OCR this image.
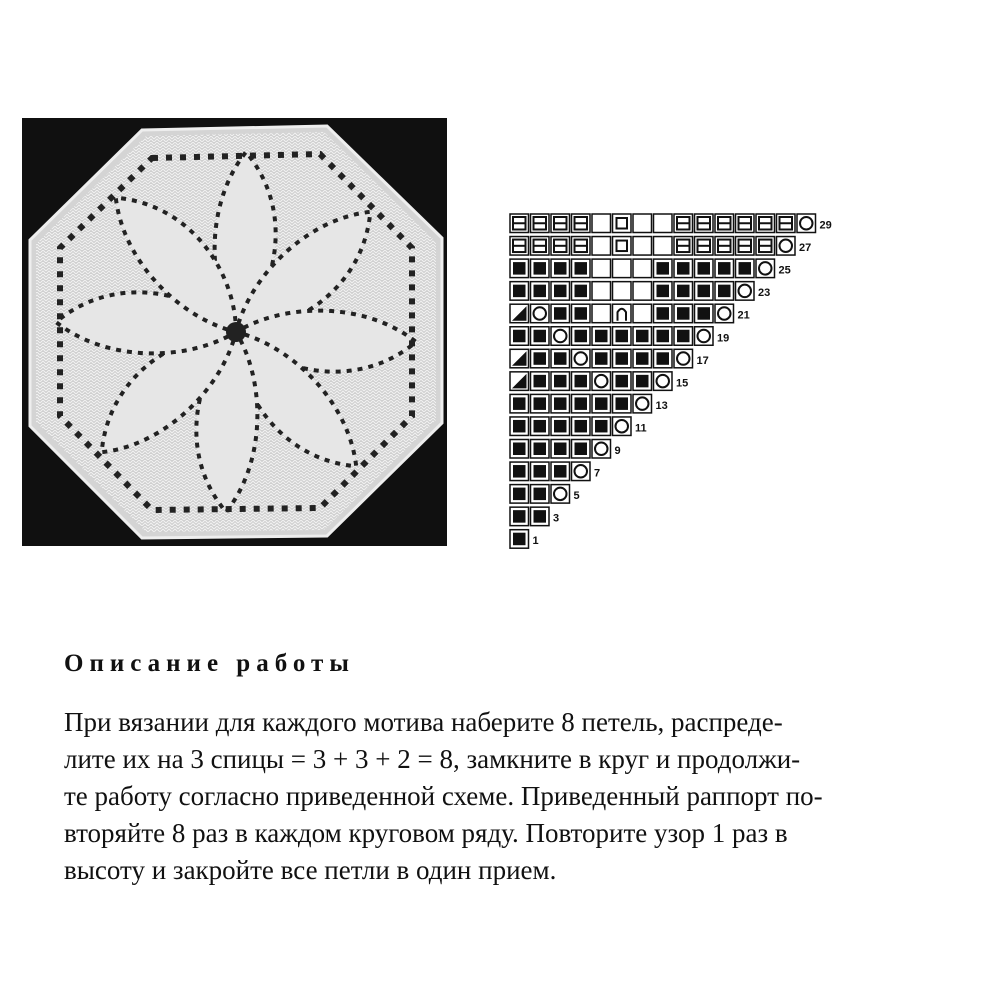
29
27
25
23
21
19
17
15
13
11
9
7
5
3
1
Описание работы

При вязании для каждого мотива наберите 8 петель, распреде-
лите их на 3 спицы = 3 + 3 + 2 = 8, замкните в круг и продолжи-
те работу согласно приведенной схеме. Приведенный раппорт по-
вторяйте 8 раз в каждом круговом ряду. Повторите узор 1 раз в
высоту и закройте все петли в один прием.
